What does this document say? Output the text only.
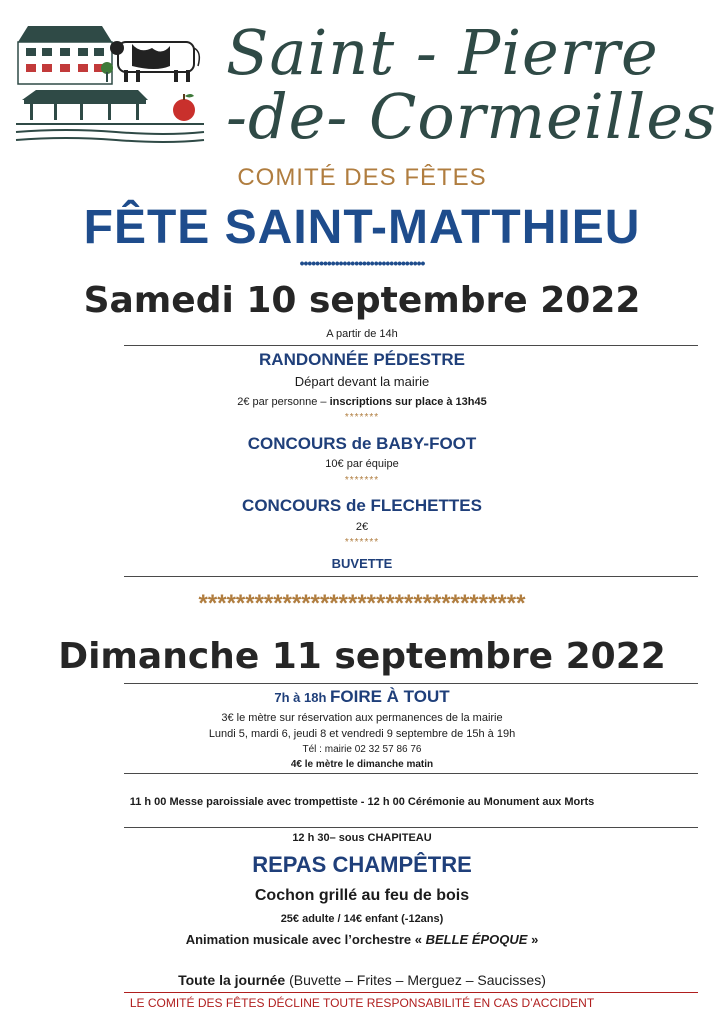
Saint - Pierre
-de- Cormeilles
COMITÉ DES FÊTES
FÊTE SAINT-MATTHIEU
••••••••••••••••••••••••••••••••
Samedi 10 septembre 2022
A partir de 14h
RANDONNÉE PÉDESTRE
Départ devant la mairie
2€ par personne – inscriptions sur place à 13h45
*******
CONCOURS de BABY-FOOT
10€ par équipe
*******
CONCOURS de FLECHETTES
2€
*******
BUVETTE
***********************************
Dimanche 11 septembre 2022
7h à 18h FOIRE À TOUT
3€ le mètre sur réservation aux permanences de la mairie
Lundi 5, mardi 6, jeudi 8 et vendredi 9 septembre de 15h à 19h
Tél : mairie 02 32 57 86 76
4€ le mètre le dimanche matin
11 h 00 Messe paroissiale avec trompettiste - 12 h 00 Cérémonie au Monument aux Morts
12 h 30– sous CHAPITEAU
REPAS CHAMPÊTRE
Cochon grillé au feu de bois
25€ adulte / 14€ enfant (-12ans)
Animation musicale avec l’orchestre « BELLE ÉPOQUE »
Toute la journée (Buvette – Frites – Merguez – Saucisses)
LE COMITÉ DES FÊTES DÉCLINE TOUTE RESPONSABILITÉ EN CAS D’ACCIDENT
